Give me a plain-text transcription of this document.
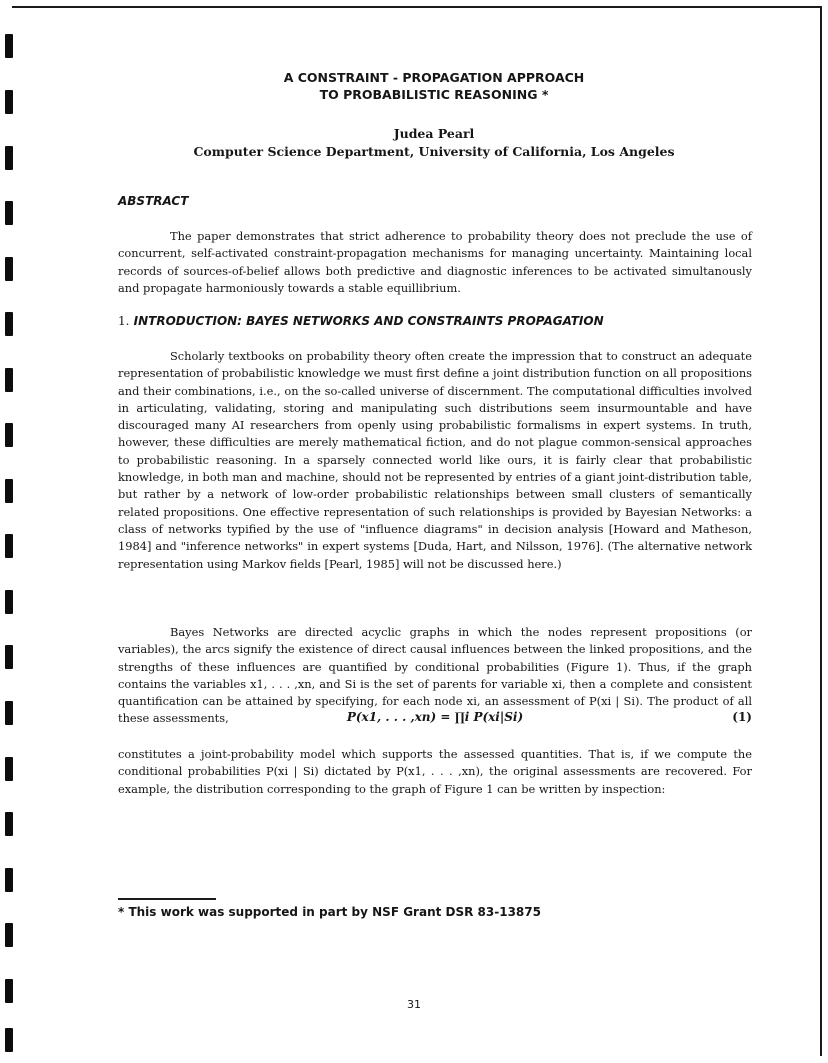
A CONSTRAINT - PROPAGATION APPROACH
TO PROBABILISTIC REASONING *
Judea Pearl
Computer Science Department, University of California, Los Angeles
ABSTRACT

The paper demonstrates that strict adherence to probability theory does not preclude the use of concurrent, self-activated constraint-propagation mechanisms for managing uncertainty. Maintaining local records of sources-of-belief allows both predictive and diagnostic inferences to be activated simultanously and propagate harmoniously towards a stable equillibrium.

1. INTRODUCTION: BAYES NETWORKS AND CONSTRAINTS PROPAGATION

Scholarly textbooks on probability theory often create the impression that to construct an adequate representation of probabilistic knowledge we must first define a joint distribution function on all propositions and their combinations, i.e., on the so-called universe of discernment. The computational difficulties involved in articulating, validating, storing and manipulating such distributions seem insurmountable and have discouraged many AI researchers from openly using probabilistic formalisms in expert systems. In truth, however, these difficulties are merely mathematical fiction, and do not plague common-sensical approaches to probabilistic reasoning. In a sparsely connected world like ours, it is fairly clear that probabilistic knowledge, in both man and machine, should not be represented by entries of a giant joint-distribution table, but rather by a network of low-order probabilistic relationships between small clusters of semantically related propositions. One effective representation of such relationships is provided by Bayesian Networks: a class of networks typified by the use of "influence diagrams" in decision analysis [Howard and Matheson, 1984] and "inference networks" in expert systems [Duda, Hart, and Nilsson, 1976]. (The alternative network representation using Markov fields [Pearl, 1985] will not be discussed here.)

Bayes Networks are directed acyclic graphs in which the nodes represent propositions (or variables), the arcs signify the existence of direct causal influences between the linked propositions, and the strengths of these influences are quantified by conditional probabilities (Figure 1). Thus, if the graph contains the variables x1, . . . ,xn, and Si is the set of parents for variable xi, then a complete and consistent quantification can be attained by specifying, for each node xi, an assessment of P(xi | Si). The product of all these assessments,	P(x1, . . . ,xn) = ∏i P(xi|Si)	(1)

constitutes a joint-probability model which supports the assessed quantities. That is, if we compute the conditional probabilities P(xi | Si) dictated by P(x1, . . . ,xn), the original assessments are recovered. For example, the distribution corresponding to the graph of Figure 1 can be written by inspection:

* This work was supported in part by NSF Grant DSR 83-13875
31
